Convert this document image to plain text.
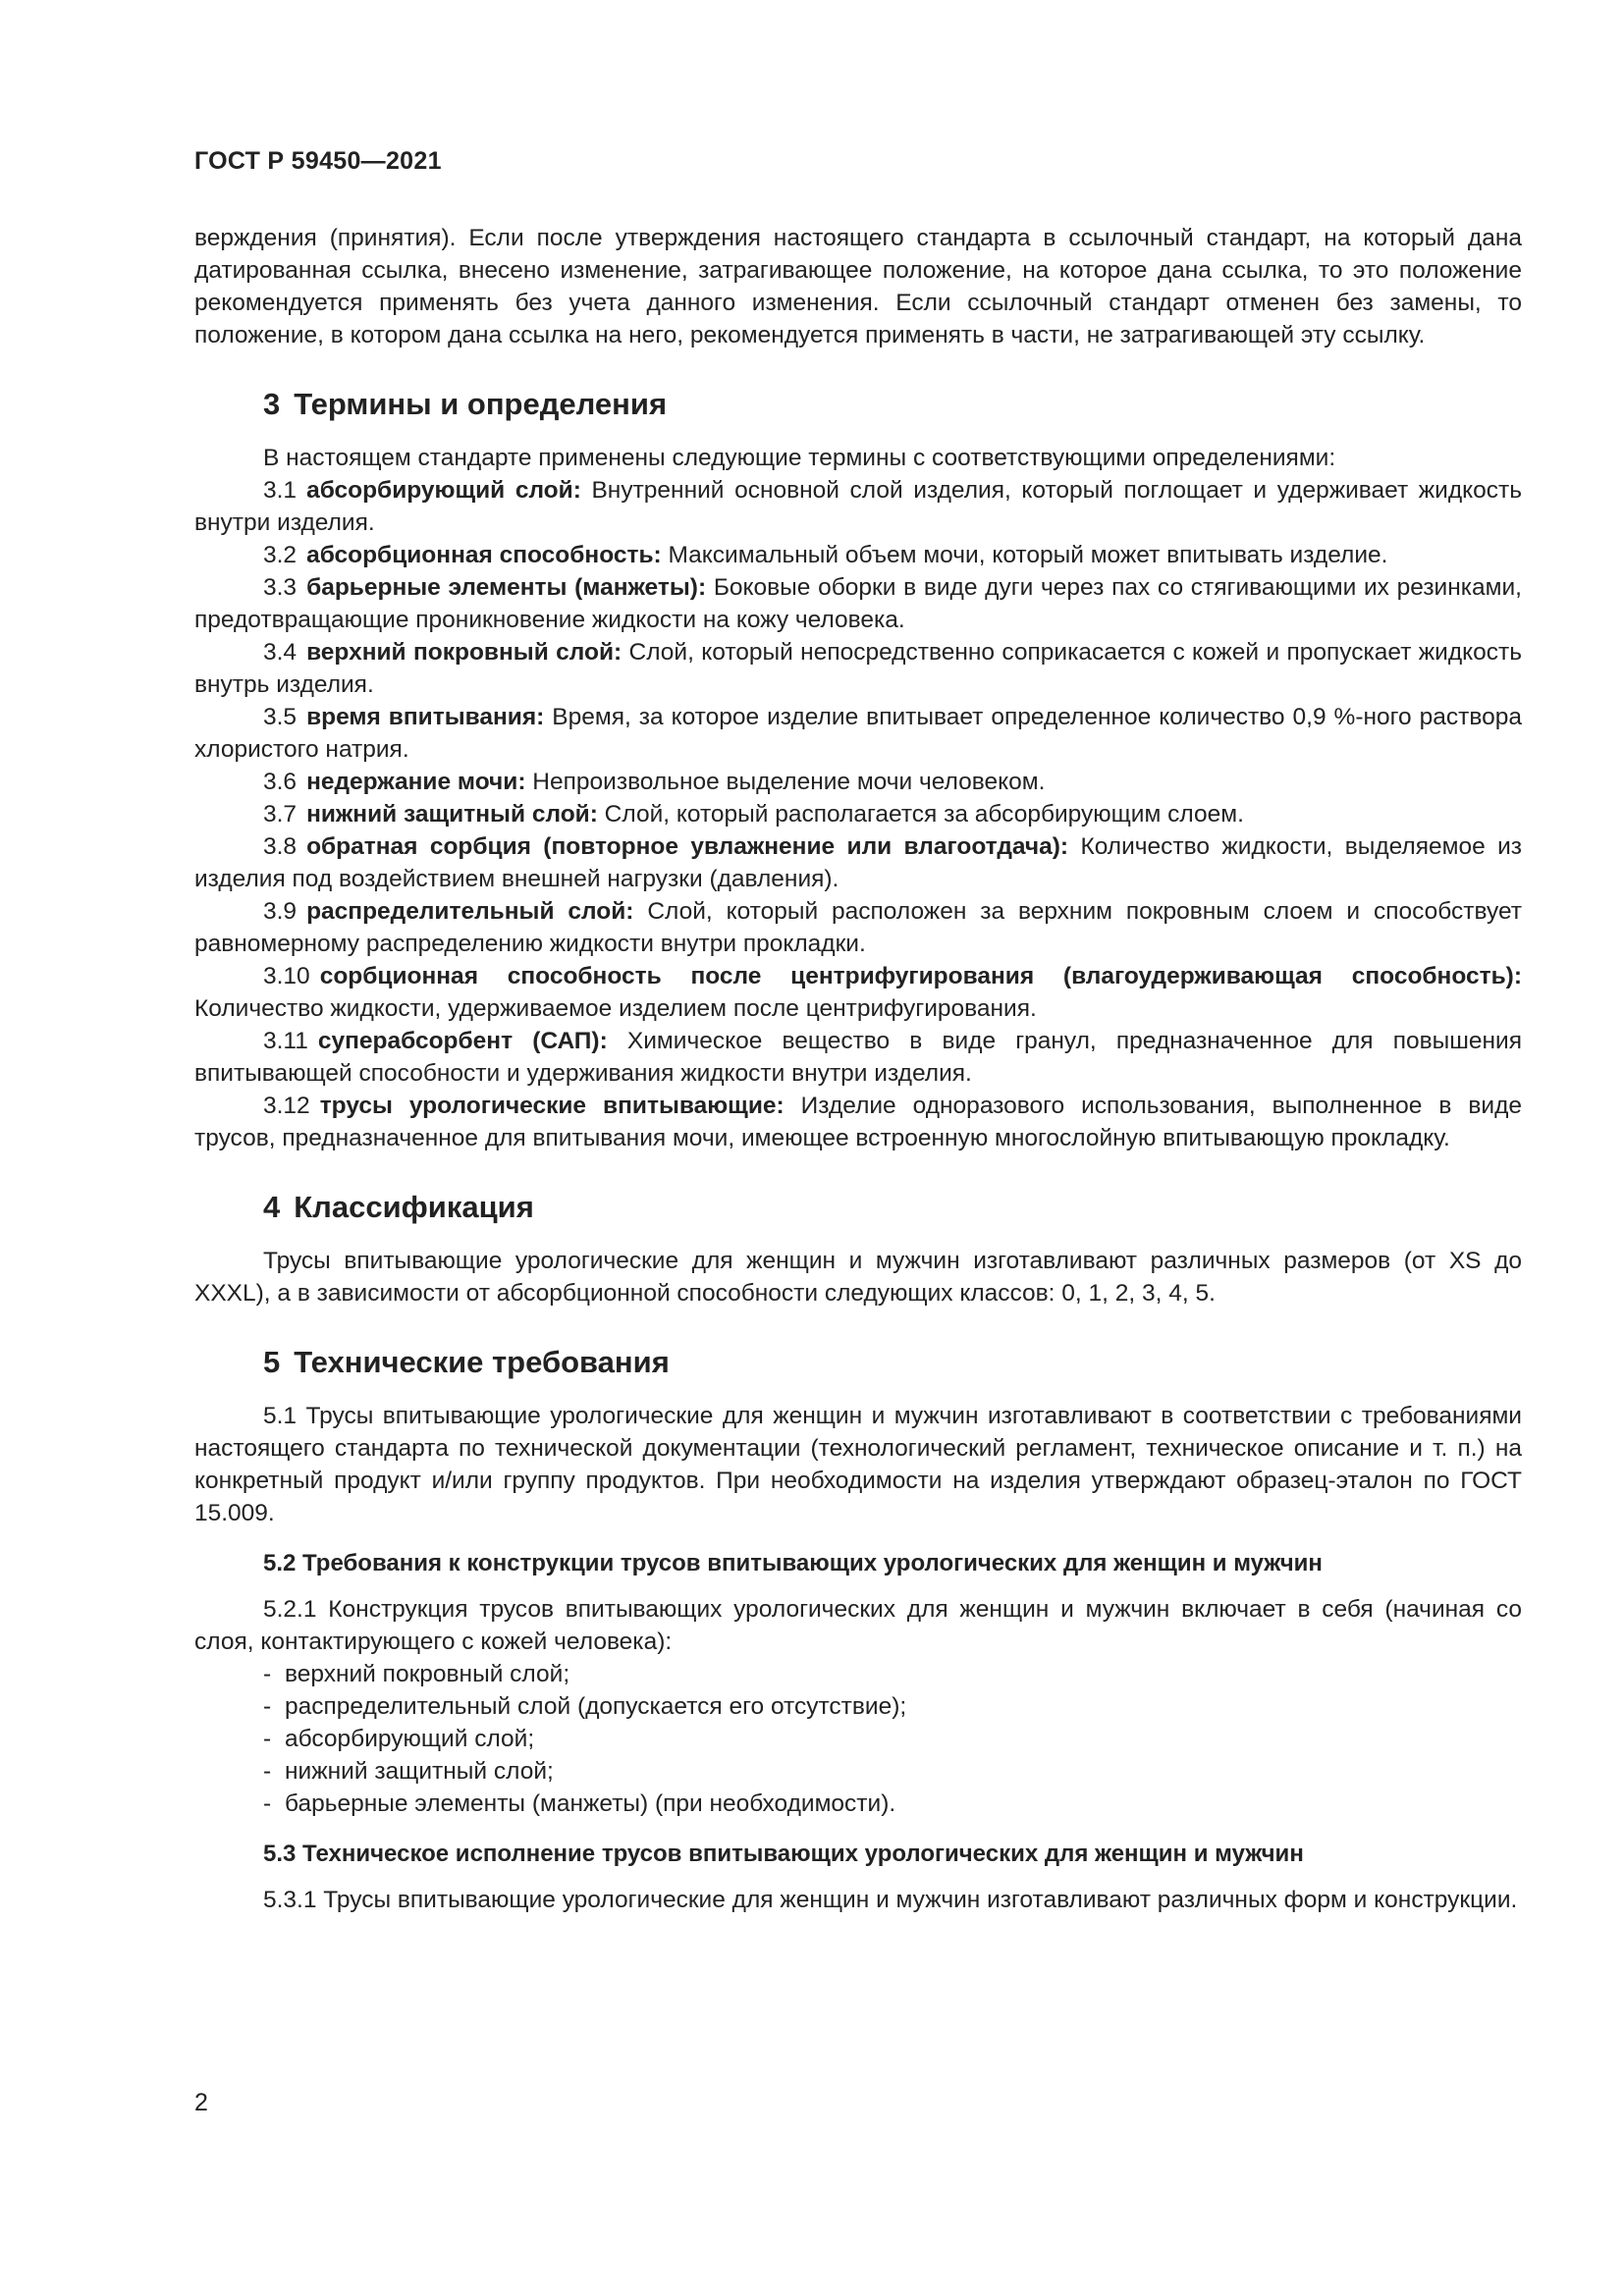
ГОСТ Р 59450—2021

верждения (принятия). Если после утверждения настоящего стандарта в ссылочный стандарт, на который дана датированная ссылка, внесено изменение, затрагивающее положение, на которое дана ссылка, то это положение рекомендуется применять без учета данного изменения. Если ссылочный стандарт отменен без замены, то положение, в котором дана ссылка на него, рекомендуется применять в части, не затрагивающей эту ссылку.

3 Термины и определения

В настоящем стандарте применены следующие термины с соответствующими определениями:

3.1 абсорбирующий слой: Внутренний основной слой изделия, который поглощает и удерживает жидкость внутри изделия.

3.2 абсорбционная способность: Максимальный объем мочи, который может впитывать изделие.

3.3 барьерные элементы (манжеты): Боковые оборки в виде дуги через пах со стягивающими их резинками, предотвращающие проникновение жидкости на кожу человека.

3.4 верхний покровный слой: Слой, который непосредственно соприкасается с кожей и пропускает жидкость внутрь изделия.

3.5 время впитывания: Время, за которое изделие впитывает определенное количество 0,9 %-ного раствора хлористого натрия.

3.6 недержание мочи: Непроизвольное выделение мочи человеком.

3.7 нижний защитный слой: Слой, который располагается за абсорбирующим слоем.

3.8 обратная сорбция (повторное увлажнение или влагоотдача): Количество жидкости, выделяемое из изделия под воздействием внешней нагрузки (давления).

3.9 распределительный слой: Слой, который расположен за верхним покровным слоем и способствует равномерному распределению жидкости внутри прокладки.

3.10 сорбционная способность после центрифугирования (влагоудерживающая способность): Количество жидкости, удерживаемое изделием после центрифугирования.

3.11 суперабсорбент (САП): Химическое вещество в виде гранул, предназначенное для повышения впитывающей способности и удерживания жидкости внутри изделия.

3.12 трусы урологические впитывающие: Изделие одноразового использования, выполненное в виде трусов, предназначенное для впитывания мочи, имеющее встроенную многослойную впитывающую прокладку.

4 Классификация

Трусы впитывающие урологические для женщин и мужчин изготавливают различных размеров (от XS до XXXL), а в зависимости от абсорбционной способности следующих классов: 0, 1, 2, 3, 4, 5.

5 Технические требования

5.1 Трусы впитывающие урологические для женщин и мужчин изготавливают в соответствии с требованиями настоящего стандарта по технической документации (технологический регламент, техническое описание и т. п.) на конкретный продукт и/или группу продуктов. При необходимости на изделия утверждают образец-эталон по ГОСТ 15.009.

5.2 Требования к конструкции трусов впитывающих урологических для женщин и мужчин

5.2.1 Конструкция трусов впитывающих урологических для женщин и мужчин включает в себя (начиная со слоя, контактирующего с кожей человека):

- верхний покровный слой;
- распределительный слой (допускается его отсутствие);
- абсорбирующий слой;
- нижний защитный слой;
- барьерные элементы (манжеты) (при необходимости).
5.3 Техническое исполнение трусов впитывающих урологических для женщин и мужчин

5.3.1 Трусы впитывающие урологические для женщин и мужчин изготавливают различных форм и конструкции.

2
